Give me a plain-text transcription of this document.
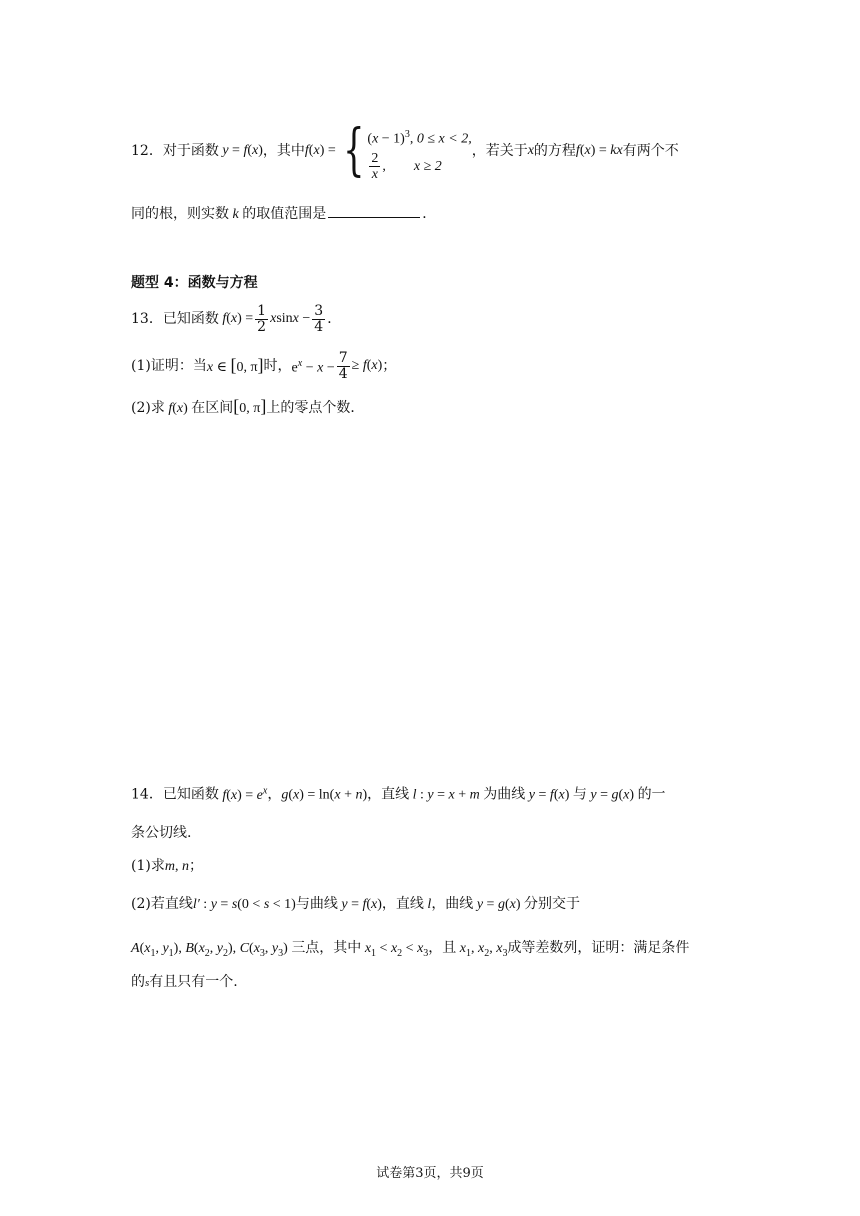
12．对于函数 y = f(x) ，其中 f(x) = { $(x - 1)^3$, 0 ≤ x < 2,
$\frac{2}{x}$ , x ≥ 2
，若关于 x 的方程 f(x) = kx 有两个不
同的根，则实数 k 的取值范围是	．
题型 4：函数与方程
13．已知函数 $f(x) = \frac{1}{2}$ $xsinx - \frac{3}{4}$ ．
(1)证明：当 x ∈ [0, π] 时， $e^x - x - \frac{7}{4} \ge f(x)$ ；
(2)求 f(x) 在区间[0, π]上的零点个数．
14．已知函数 $f(x) = e^x$，g(x) = ln(x + n)，直线 l : y = x + m 为曲线 y = f(x) 与 y = g(x) 的一
条公切线.
(1)求m, n；
(2)若直线l′ : y = s(0 < s < 1)与曲线 y = f(x)，直线 l，曲线 y = g(x) 分别交于
$A(x_1$, $y_1$), $B(x_2$, $y_2$), $C(x_3$, $y_3$) 三点，其中 $x_1 < x_2 < x_3$，且 $x_1$, $x_2$, $x_3$成等差数列，证明：满足条件
的s有且只有一个.
试卷第3页，共9页
